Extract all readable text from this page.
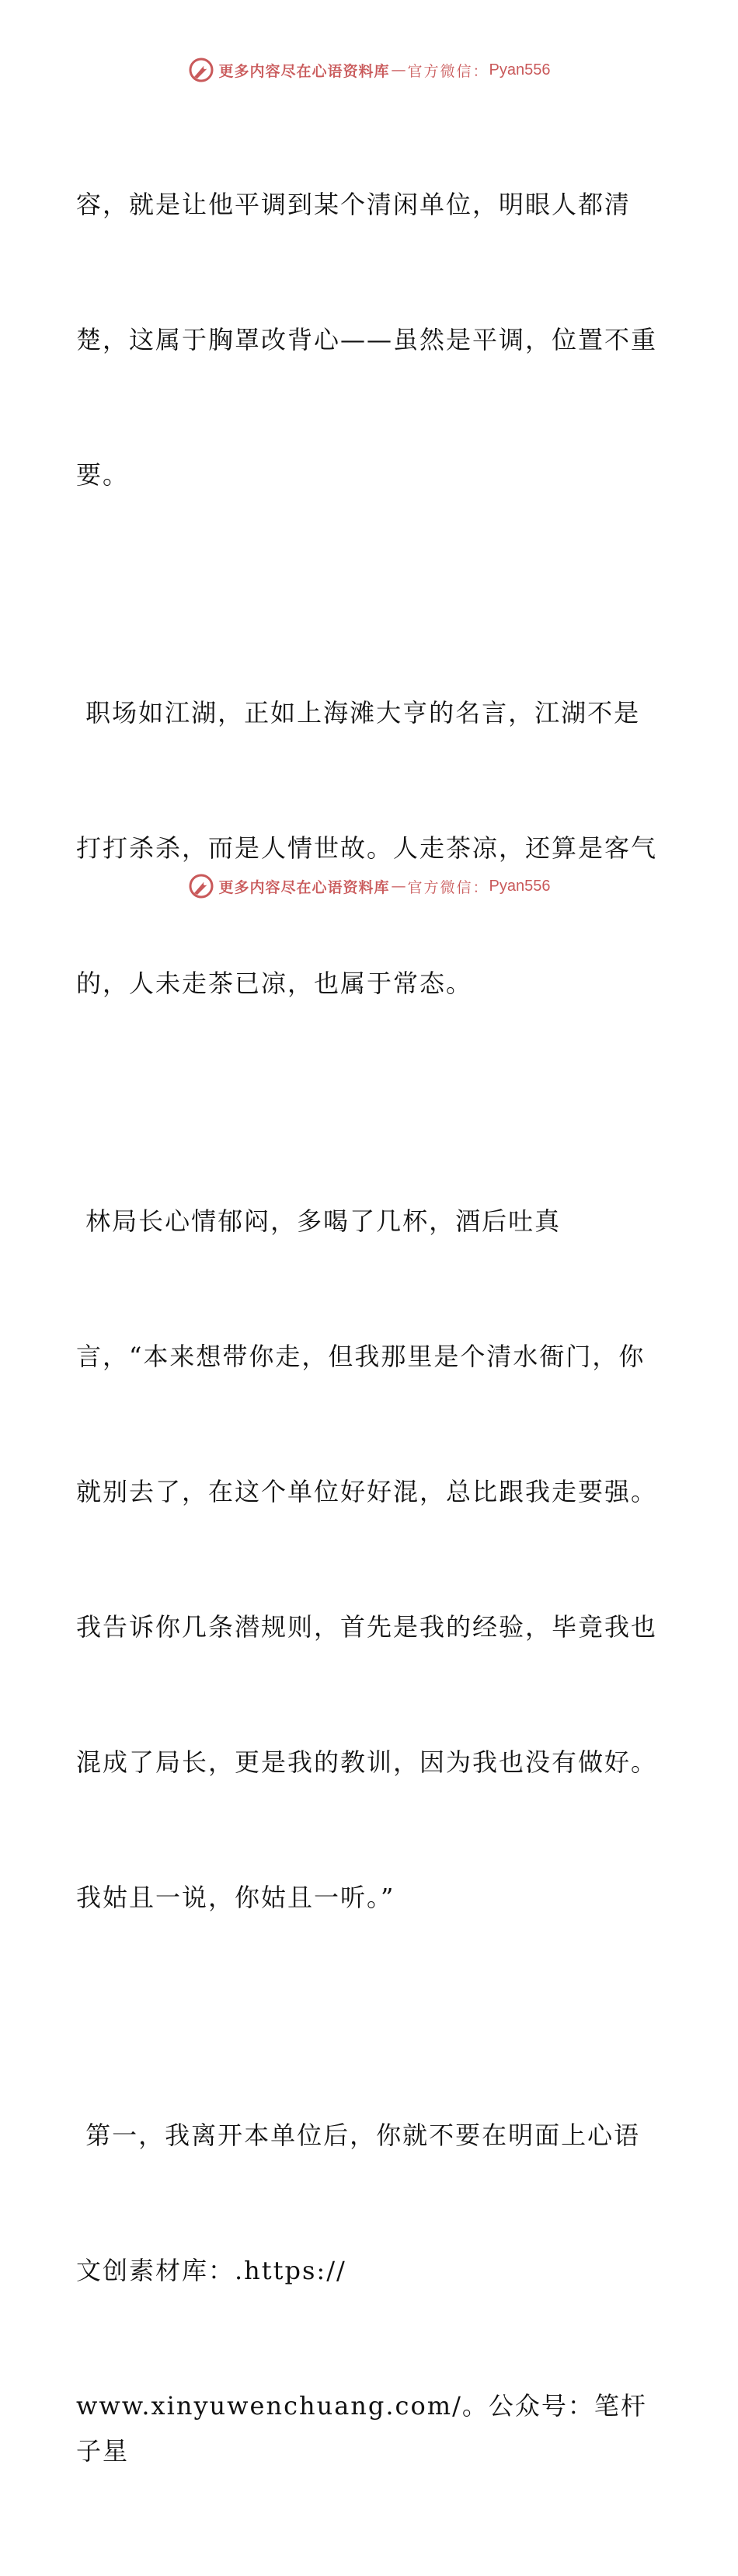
更多内容尽在心语资料库 — 官方微信： Pyan556

容，就是让他平调到某个清闲单位，明眼人都清

楚，这属于胸罩改背心——虽然是平调，位置不重

要。

职场如江湖，正如上海滩大亨的名言，江湖不是

打打杀杀，而是人情世故。人走茶凉，还算是客气

的，人未走茶已凉，也属于常态。

林局长心情郁闷，多喝了几杯，酒后吐真

言，“本来想带你走，但我那里是个清水衙门，你

就别去了，在这个单位好好混，总比跟我走要强。

我告诉你几条潜规则，首先是我的经验，毕竟我也

混成了局长，更是我的教训，因为我也没有做好。

我姑且一说，你姑且一听。”

第一，我离开本单位后，你就不要在明面上心语

文创素材库：.https://

www.xinyuwenchuang.com/。公众号：笔杆子星

更多内容尽在心语资料库 — 官方微信： Pyan556
